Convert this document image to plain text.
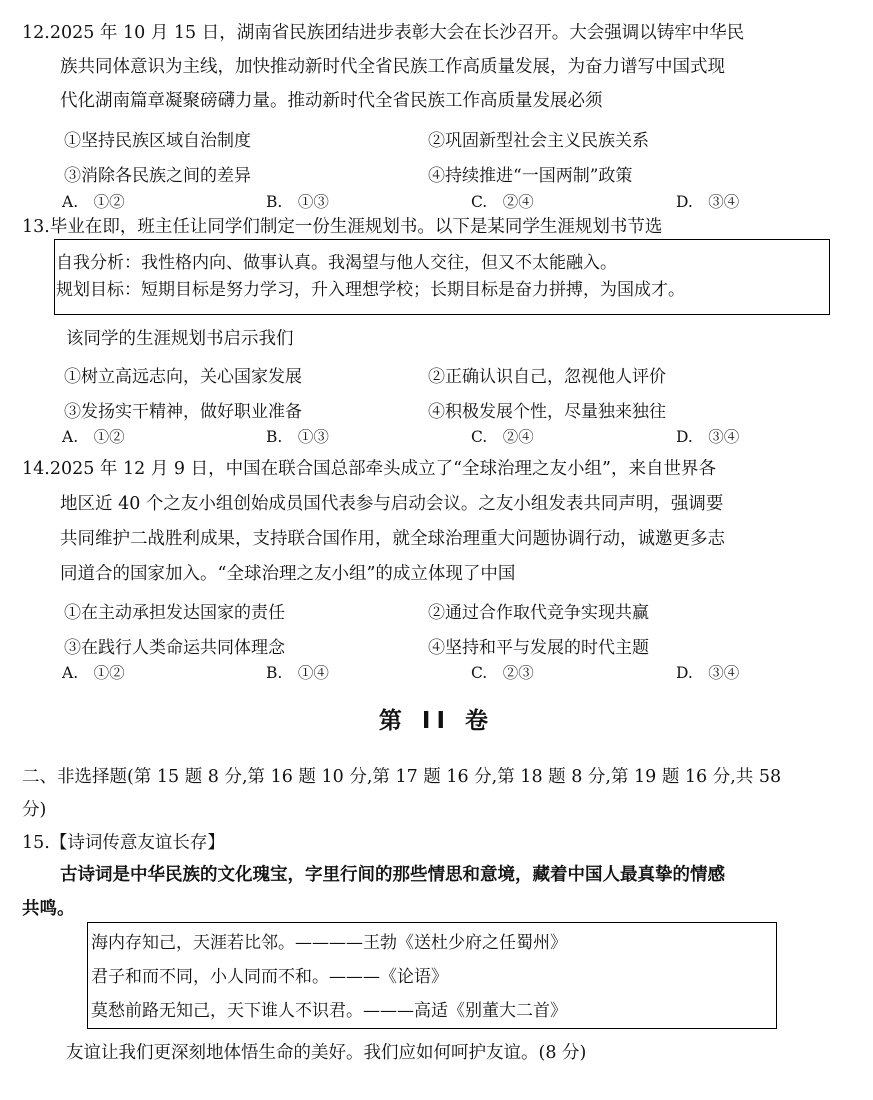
12.2025 年 10 月 15 日，湖南省民族团结进步表彰大会在长沙召开。大会强调以铸牢中华民
族共同体意识为主线，加快推动新时代全省民族工作高质量发展，为奋力谱写中国式现
代化湖南篇章凝聚磅礴力量。推动新时代全省民族工作高质量发展必须
①坚持民族区域自治制度	②巩固新型社会主义民族关系
③消除各民族之间的差异	④持续推进“一国两制”政策
A.　①②	B.　①③	C.　②④	D.　③④
13.毕业在即，班主任让同学们制定一份生涯规划书。以下是某同学生涯规划书节选
自我分析：我性格内向、做事认真。我渴望与他人交往，但又不太能融入。
规划目标：短期目标是努力学习，升入理想学校；长期目标是奋力拼搏，为国成才。
该同学的生涯规划书启示我们
①树立高远志向，关心国家发展	②正确认识自己，忽视他人评价
③发扬实干精神，做好职业准备	④积极发展个性，尽量独来独往
A.　①②	B.　①③	C.　②④	D.　③④
14.2025 年 12 月 9 日，中国在联合国总部牵头成立了“全球治理之友小组”，来自世界各
地区近 40 个之友小组创始成员国代表参与启动会议。之友小组发表共同声明，强调要
共同维护二战胜利成果，支持联合国作用，就全球治理重大问题协调行动，诚邀更多志
同道合的国家加入。“全球治理之友小组”的成立体现了中国
①在主动承担发达国家的责任	②通过合作取代竞争实现共赢
③在践行人类命运共同体理念	④坚持和平与发展的时代主题
A.　①②	B.　①④	C.　②③	D.　③④
第 II 卷
二、非选择题(第 15 题 8 分,第 16 题 10 分,第 17 题 16 分,第 18 题 8 分,第 19 题 16 分,共 58
分)
15.【诗词传意友谊长存】
古诗词是中华民族的文化瑰宝，字里行间的那些情思和意境，藏着中国人最真挚的情感
共鸣。
海内存知己，天涯若比邻。————王勃《送杜少府之任蜀州》
君子和而不同，小人同而不和。———《论语》
莫愁前路无知己，天下谁人不识君。———高适《别董大二首》
友谊让我们更深刻地体悟生命的美好。我们应如何呵护友谊。(8 分)
